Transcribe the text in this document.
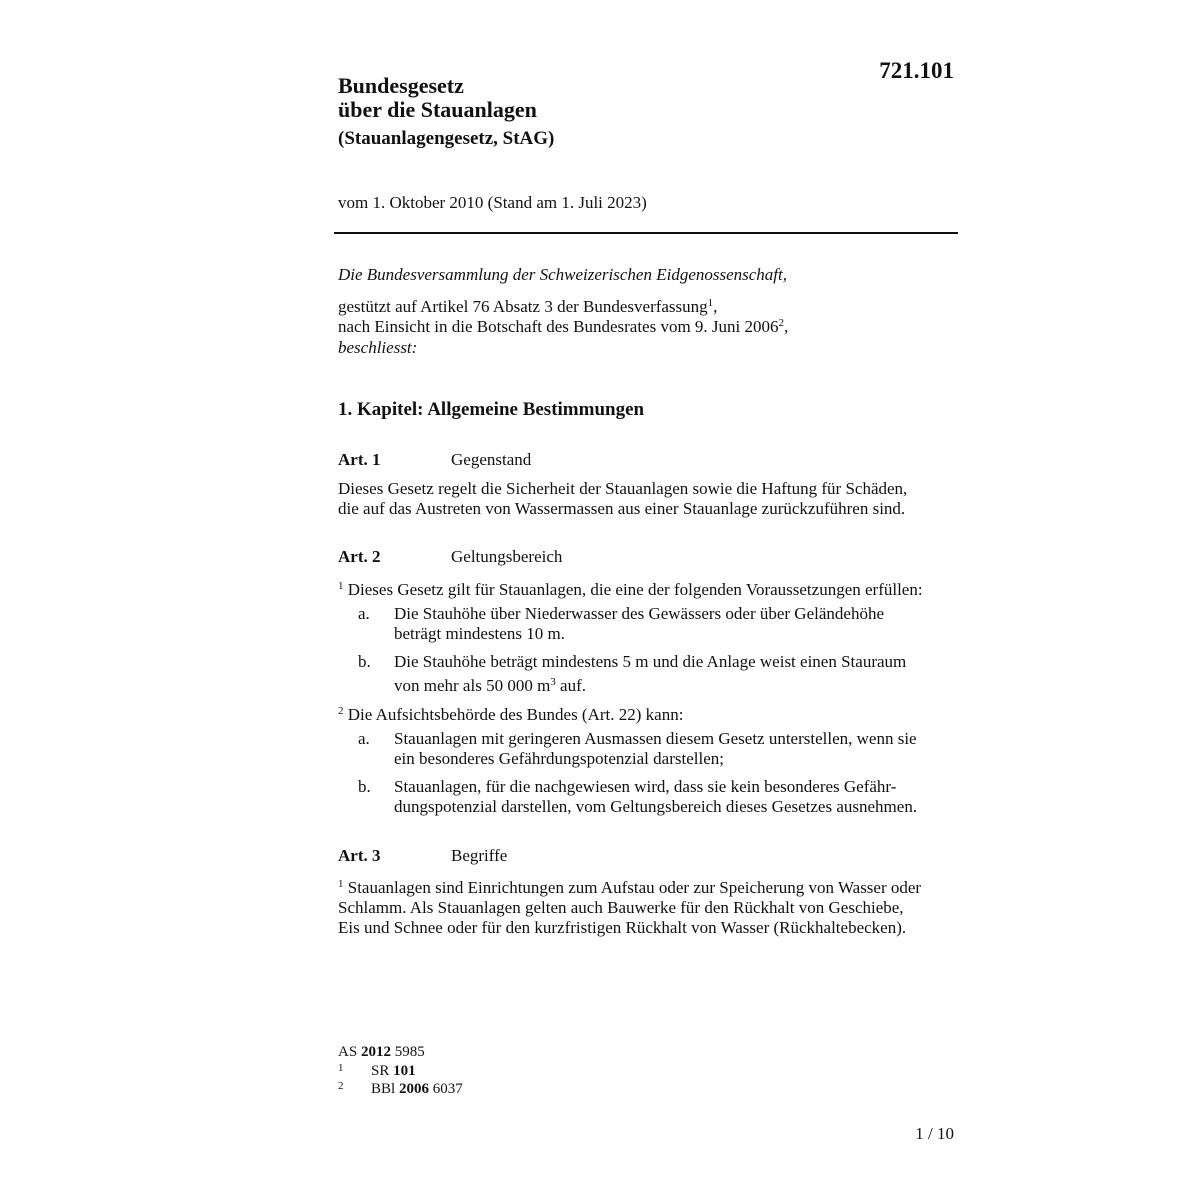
721.101
Bundesgesetz
über die Stauanlagen
(Stauanlagengesetz, StAG)
vom 1. Oktober 2010 (Stand am 1. Juli 2023)
Die Bundesversammlung der Schweizerischen Eidgenossenschaft,
gestützt auf Artikel 76 Absatz 3 der Bundesverfassung$^1$,
nach Einsicht in die Botschaft des Bundesrates vom 9. Juni 2006$^2$,
beschliesst:
1. Kapitel: Allgemeine Bestimmungen
Art. 1	Gegenstand
Dieses Gesetz regelt die Sicherheit der Stauanlagen sowie die Haftung für Schäden,
die auf das Austreten von Wassermassen aus einer Stauanlage zurückzuführen sind.
Art. 2	Geltungsbereich
$^1$ Dieses Gesetz gilt für Stauanlagen, die eine der folgenden Voraussetzungen erfüllen:
a. Die Stauhöhe über Niederwasser des Gewässers oder über Geländehöhe
beträgt mindestens 10 m.
b. Die Stauhöhe beträgt mindestens 5 m und die Anlage weist einen Stauraum
von mehr als 50 000 $m^3$ auf.
$^2$ Die Aufsichtsbehörde des Bundes (Art. 22) kann:
a. Stauanlagen mit geringeren Ausmassen diesem Gesetz unterstellen, wenn sie
ein besonderes Gefährdungspotenzial darstellen;
b. Stauanlagen, für die nachgewiesen wird, dass sie kein besonderes Gefähr-
dungspotenzial darstellen, vom Geltungsbereich dieses Gesetzes ausnehmen.
Art. 3	Begriffe
$^1$ Stauanlagen sind Einrichtungen zum Aufstau oder zur Speicherung von Wasser oder
Schlamm. Als Stauanlagen gelten auch Bauwerke für den Rückhalt von Geschiebe,
Eis und Schnee oder für den kurzfristigen Rückhalt von Wasser (Rückhaltebecken).
AS 2012 5985
1 SR 101
2 BBl 2006 6037
1 / 10
